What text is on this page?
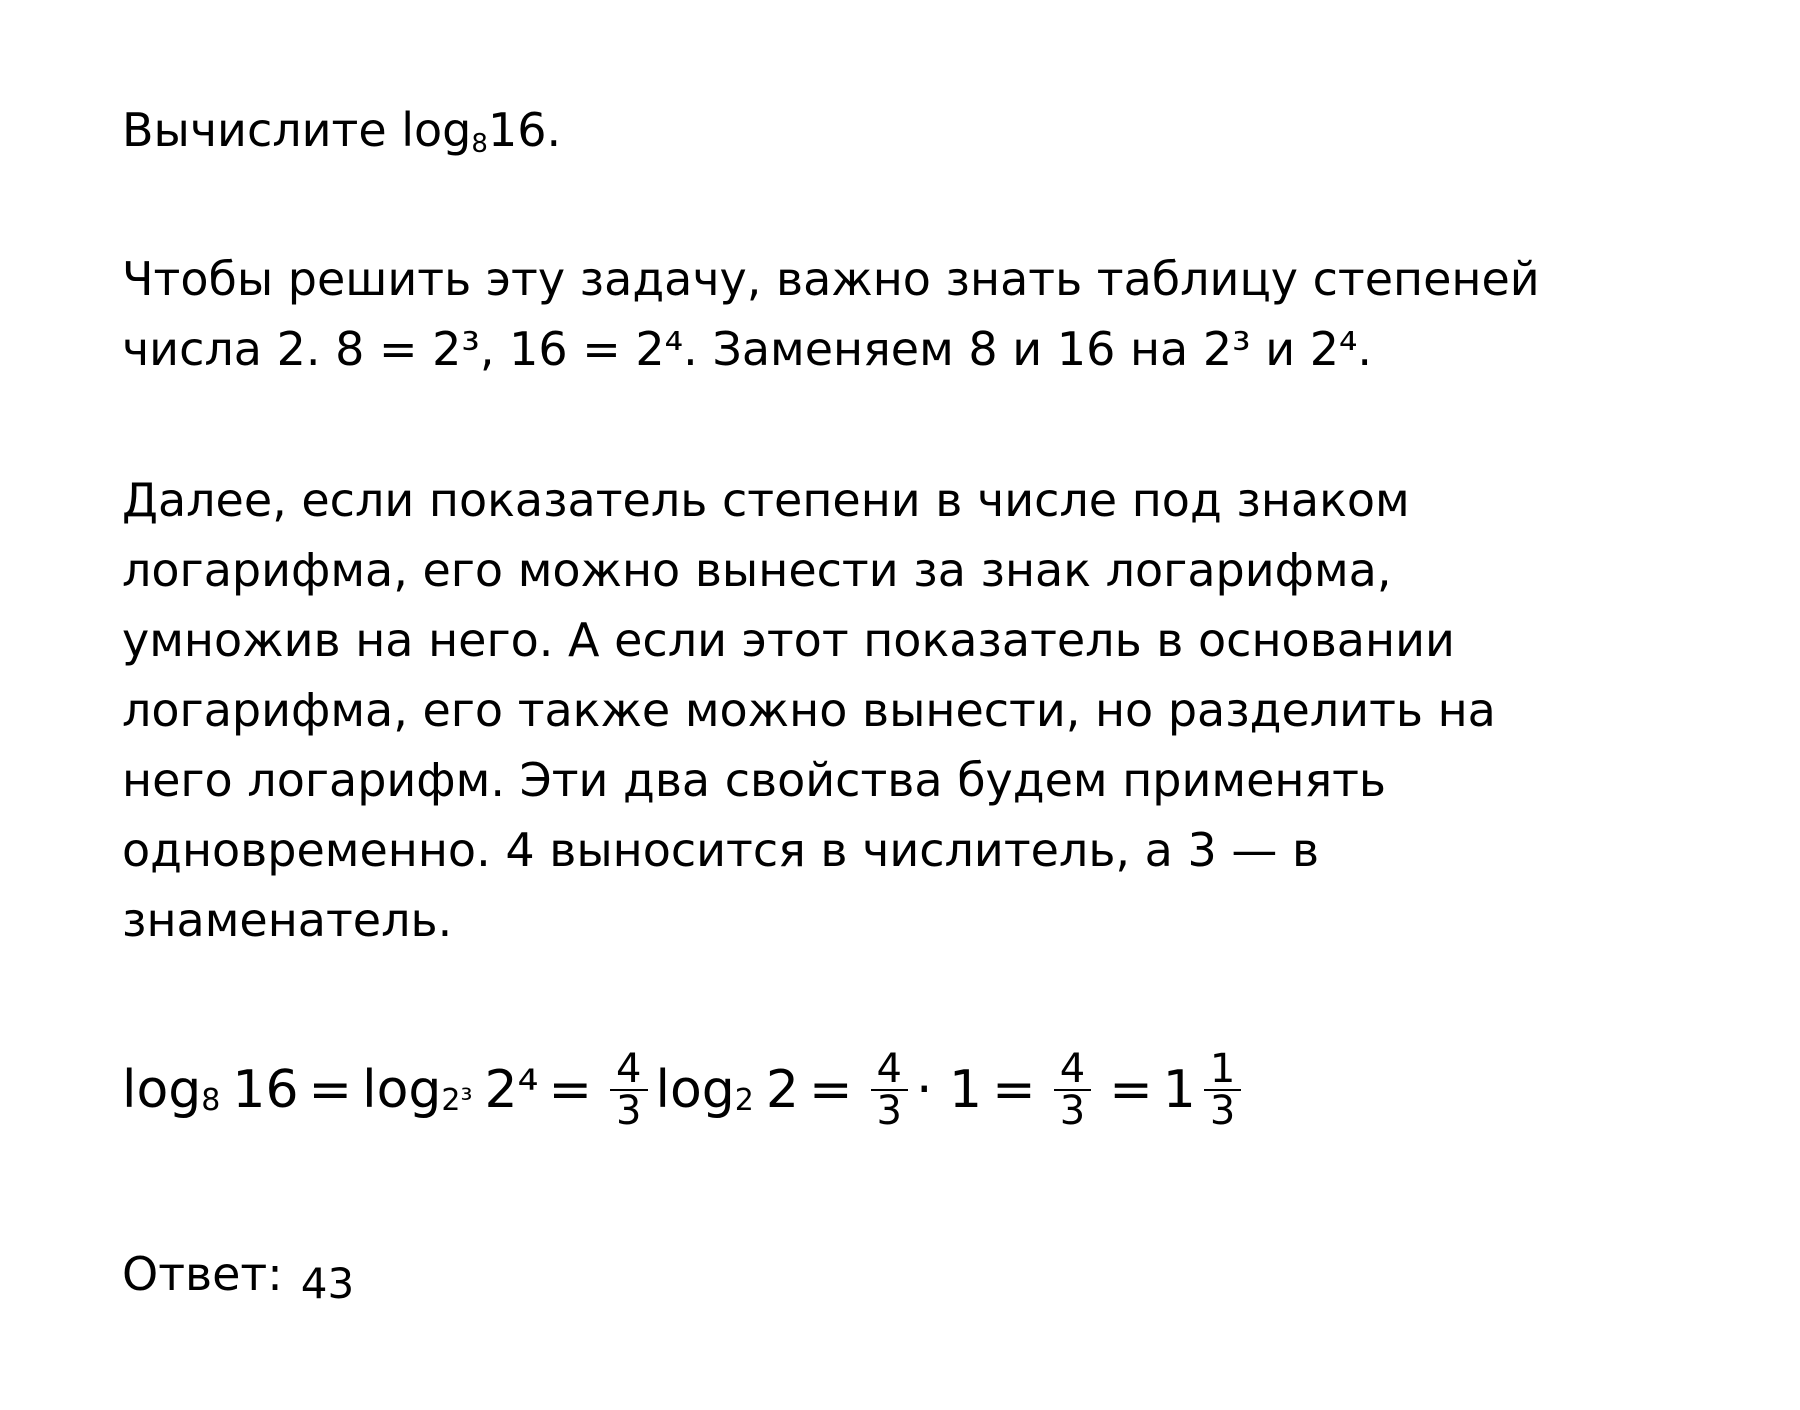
Вычислите log816.
Чтобы решить эту задачу, важно знать таблицу степеней
числа 2. 8 = 2³, 16 = 2⁴. Заменяем 8 и 16 на 2³ и 2⁴.
Далее, если показатель степени в числе под знаком
логарифма, его можно вынести за знак логарифма,
умножив на него. А если этот показатель в основании
логарифма, его также можно вынести, но разделить на
него логарифм. Эти два свойства будем применять
одновременно. 4 выносится в числитель, а 3 — в
знаменатель.
log 8 16 = log 2³ $2^4 = \frac{4}{3}$ log 2 $2 = \frac{4}{3} \cdot 1 = \frac{4}{3} = 1 \frac{1}{3}$
Ответ: 43
